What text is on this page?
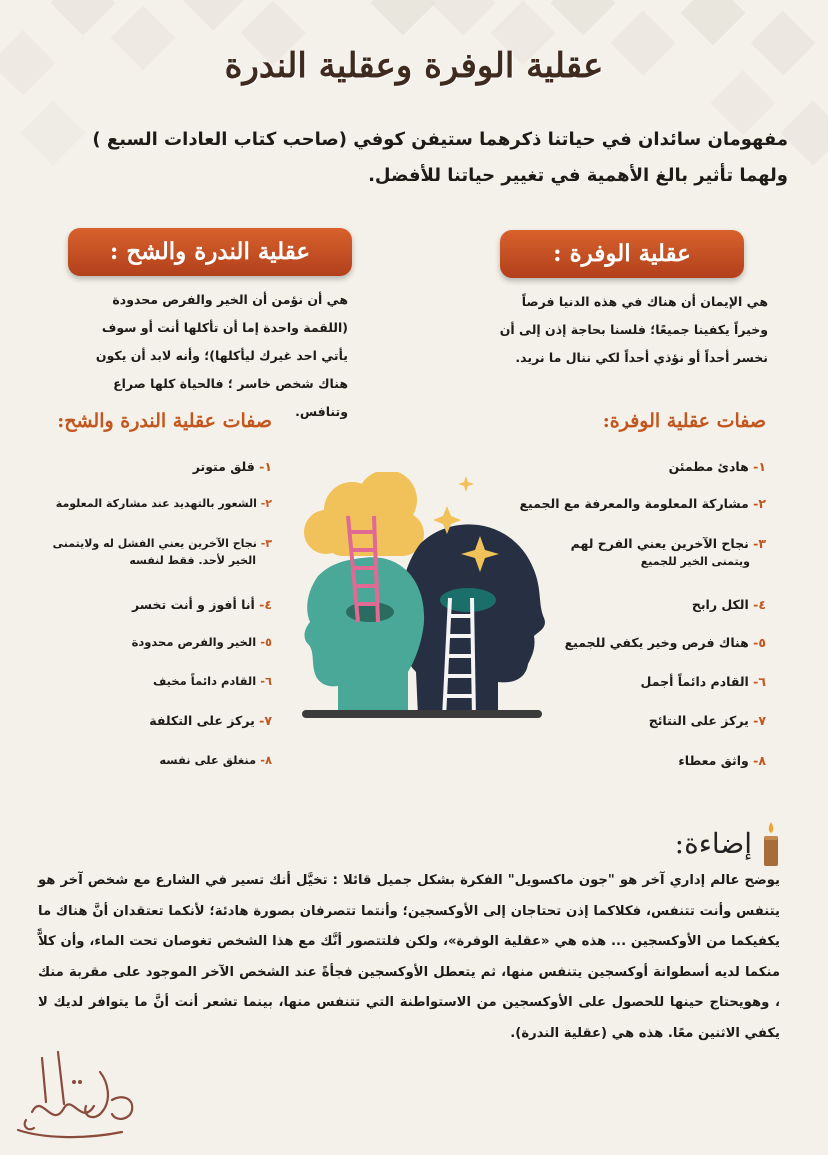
عقلية الوفرة وعقلية الندرة
مفهومان سائدان في حياتنا ذكرهما ستيفن كوفي (صاحب كتاب العادات السبع ) ولهما تأثير بالغ الأهمية في تغيير حياتنا للأفضل.
عقلية الوفرة :
هي الإيمان أن هناك في هذه الدنيا فرصاً وخيراً يكفينا جميعًا؛ فلسنا بحاجة إذن إلى أن نخسر أحداً أو نؤذي أحداً لكي ننال ما نريد.
عقلية الندرة والشح :
هي أن نؤمن أن الخير والفرص محدودة (اللقمة واحدة إما أن تأكلها أنت أو سوف يأتي احد غيرك ليأكلها)؛ وأنه لابد أن يكون هناك شخص خاسر ؛ فالحياة كلها صراع وتنافس.	صفات عقلية الوفرة:
صفات عقلية الندرة والشح:
١- هادئ مطمئن
٢- مشاركة المعلومة والمعرفة مع الجميع
٣- نجاح الآخرين يعني الفرح لهم
ويتمنى الخير للجميع
٤- الكل رابح
٥- هناك فرص وخير يكفي للجميع
٦- القادم دائماً أجمل
٧- يركز على النتائج
٨- واثق معطاء
١- قلق متوتر
٢- الشعور بالتهديد عند مشاركة المعلومة
٣- نجاح الآخرين يعني الفشل له ولايتمنى
الخير لأحد. فقط لنفسه
٤- أنا أفوز و أنت تخسر
٥- الخير والفرص محدودة
٦- القادم دائماً مخيف
٧- يركز على التكلفة
٨- منغلق على نفسه
إضاءة:
يوضح عالم إداري آخر هو "جون ماكسويل" الفكرة بشكل جميل قائلا : تخيَّل أنك تسير في الشارع مع شخص آخر هو يتنفس وأنت تتنفس، فكلاكما إذن تحتاجان إلى الأوكسجين؛ وأنتما تتصرفان بصورة هادئة؛ لأنكما تعتقدان أنَّ هناك ما يكفيكما من الأوكسجين ... هذه هي «عقلية الوفرة»، ولكن فلتتصور أنَّك مع هذا الشخص تغوصان تحت الماء، وأن كلاًّ منكما لديه أسطوانة أوكسجين يتنفس منها، ثم يتعطل الأوكسجين فجأةً عند الشخص الآخر الموجود على مقربة منك ، وهويحتاج حينها للحصول على الأوكسجين من الاستواطنة التي تتنفس منها، بينما تشعر أنت أنَّ ما يتوافر لديك لا يكفي الاثنين معًا. هذه هي (عقلية الندرة).
